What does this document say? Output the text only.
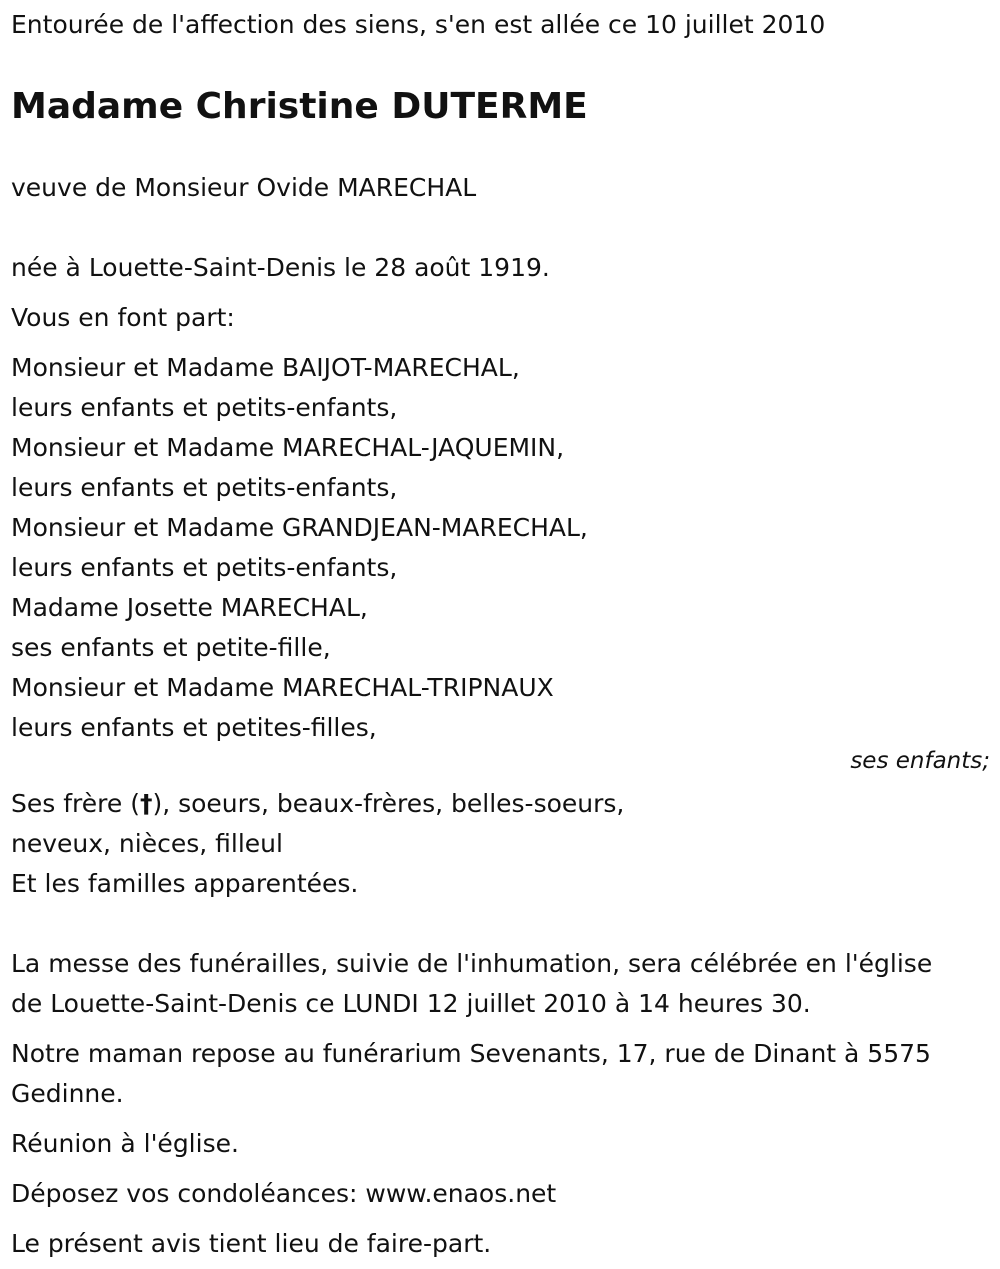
Entourée de l'affection des siens, s'en est allée ce 10 juillet 2010

Madame Christine DUTERME

veuve de Monsieur Ovide MARECHAL

née à Louette-Saint-Denis le 28 août 1919.

Vous en font part:

Monsieur et Madame BAIJOT-MARECHAL,

leurs enfants et petits-enfants,

Monsieur et Madame MARECHAL-JAQUEMIN,

leurs enfants et petits-enfants,

Monsieur et Madame GRANDJEAN-MARECHAL,

leurs enfants et petits-enfants,

Madame Josette MARECHAL,

ses enfants et petite-fille,

Monsieur et Madame MARECHAL-TRIPNAUX

leurs enfants et petites-filles,

ses enfants;

Ses frère (†), soeurs, beaux-frères, belles-soeurs,

neveux, nièces, filleul

Et les familles apparentées.

La messe des funérailles, suivie de l'inhumation, sera célébrée en l'église

de Louette-Saint-Denis ce LUNDI 12 juillet 2010 à 14 heures 30.

Notre maman repose au funérarium Sevenants, 17, rue de Dinant à 5575 Gedinne.

Réunion à l'église.

Déposez vos condoléances: www.enaos.net

Le présent avis tient lieu de faire-part.
